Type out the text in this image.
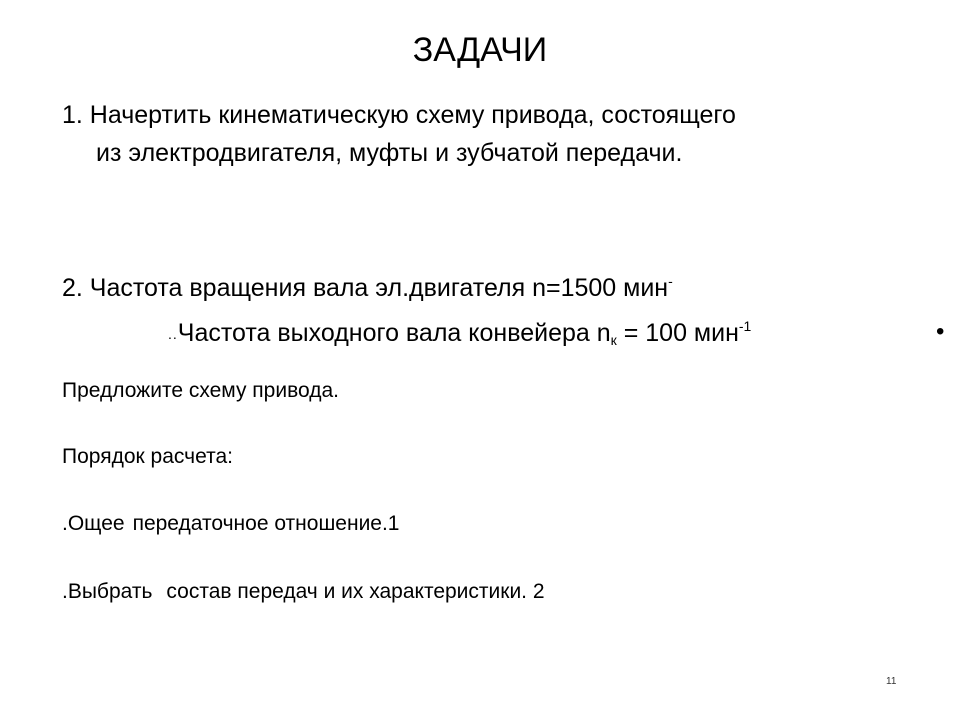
ЗАДАЧИ
1. Начертить кинематическую схему привода, состоящего
из электродвигателя, муфты и зубчатой передачи.
2. Частота вращения вала эл.двигателя n=1500 мин-
..Частота выходного вала конвейера $n_к = 100$ мин$^{-1}$	•
Предложите схему привода.
Порядок расчета:
.Ощее передаточное отношение.1
.Выбрать состав передач и их характеристики. 2
11
